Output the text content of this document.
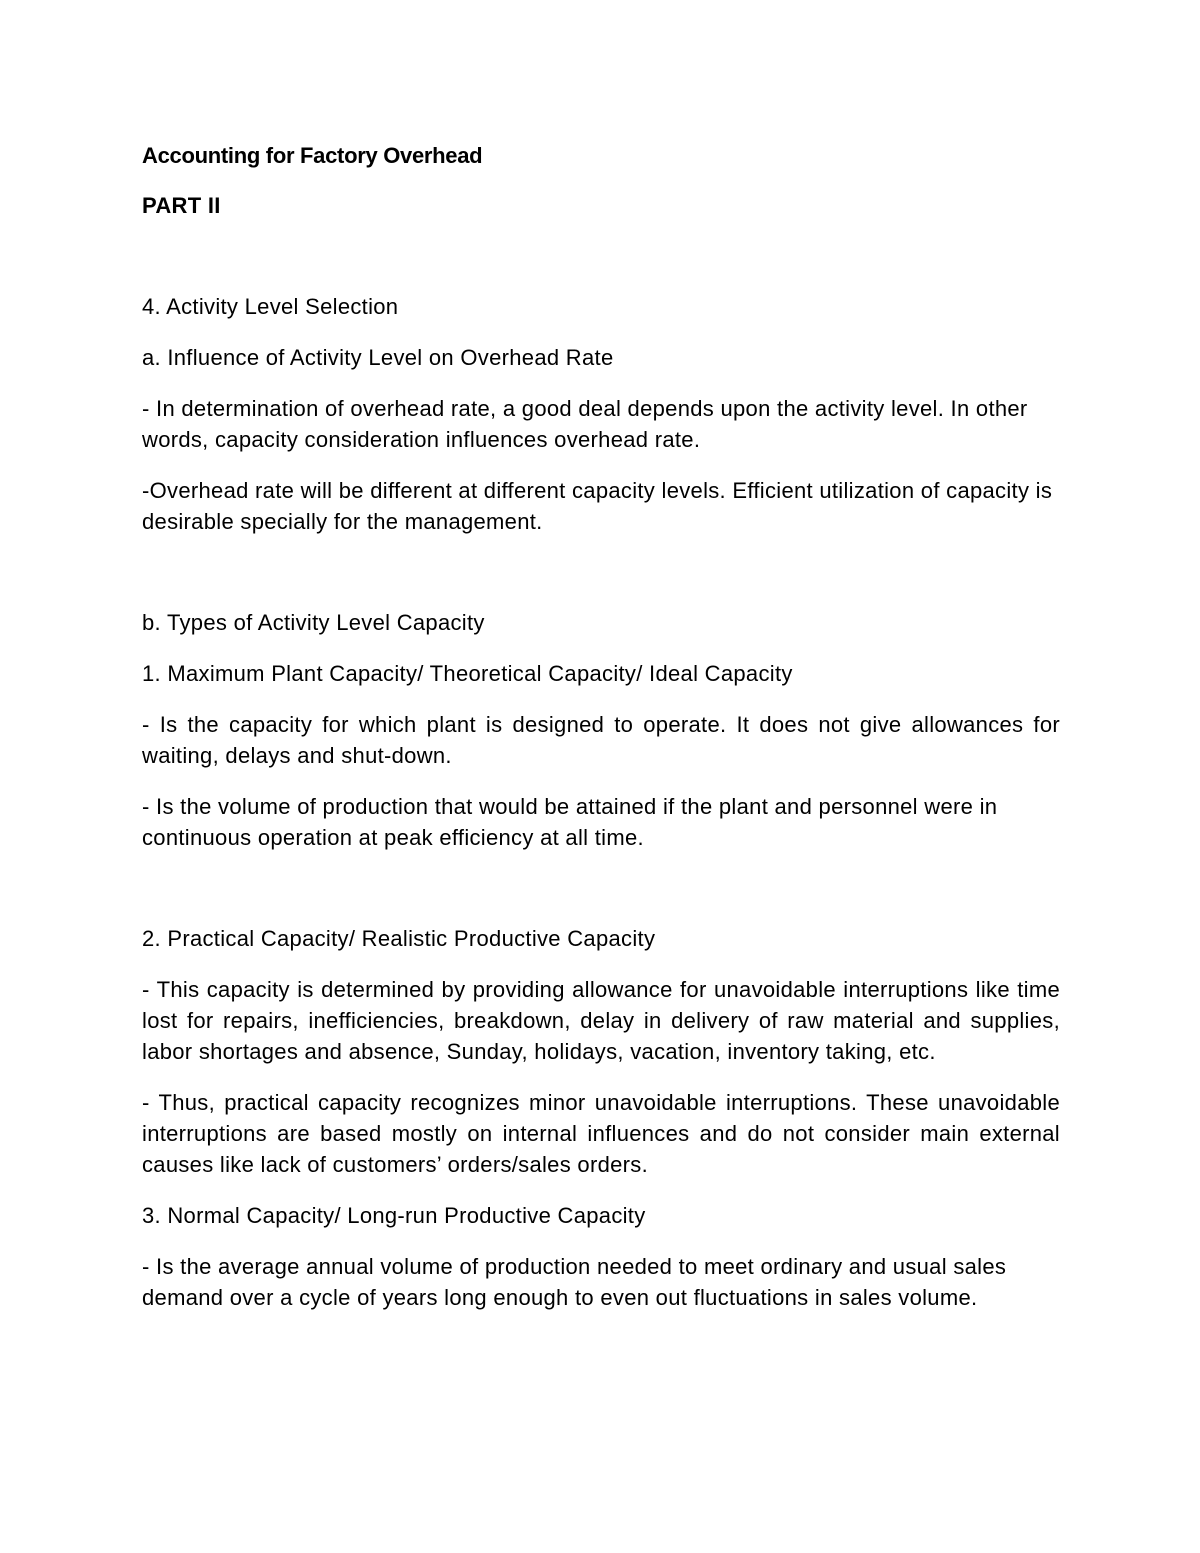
Accounting for Factory Overhead
PART II

4. Activity Level Selection

a. Influence of Activity Level on Overhead Rate

- In determination of overhead rate, a good deal depends upon the activity level. In other words, capacity consideration influences overhead rate.

-Overhead rate will be different at different capacity levels. Efficient utilization of capacity is desirable specially for the management.

b. Types of Activity Level Capacity

1. Maximum Plant Capacity/ Theoretical Capacity/ Ideal Capacity

- Is the capacity for which plant is designed to operate. It does not give allowances for waiting, delays and shut-down.

- Is the volume of production that would be attained if the plant and personnel were in continuous operation at peak efficiency at all time.

2. Practical Capacity/ Realistic Productive Capacity

- This capacity is determined by providing allowance for unavoidable interruptions like time lost for repairs, inefficiencies, breakdown, delay in delivery of raw material and supplies, labor shortages and absence, Sunday, holidays, vacation, inventory taking, etc.

- Thus, practical capacity recognizes minor unavoidable interruptions. These unavoidable interruptions are based mostly on internal influences and do not consider main external causes like lack of customers’ orders/sales orders.

3. Normal Capacity/ Long-run Productive Capacity

- Is the average annual volume of production needed to meet ordinary and usual sales demand over a cycle of years long enough to even out fluctuations in sales volume.
